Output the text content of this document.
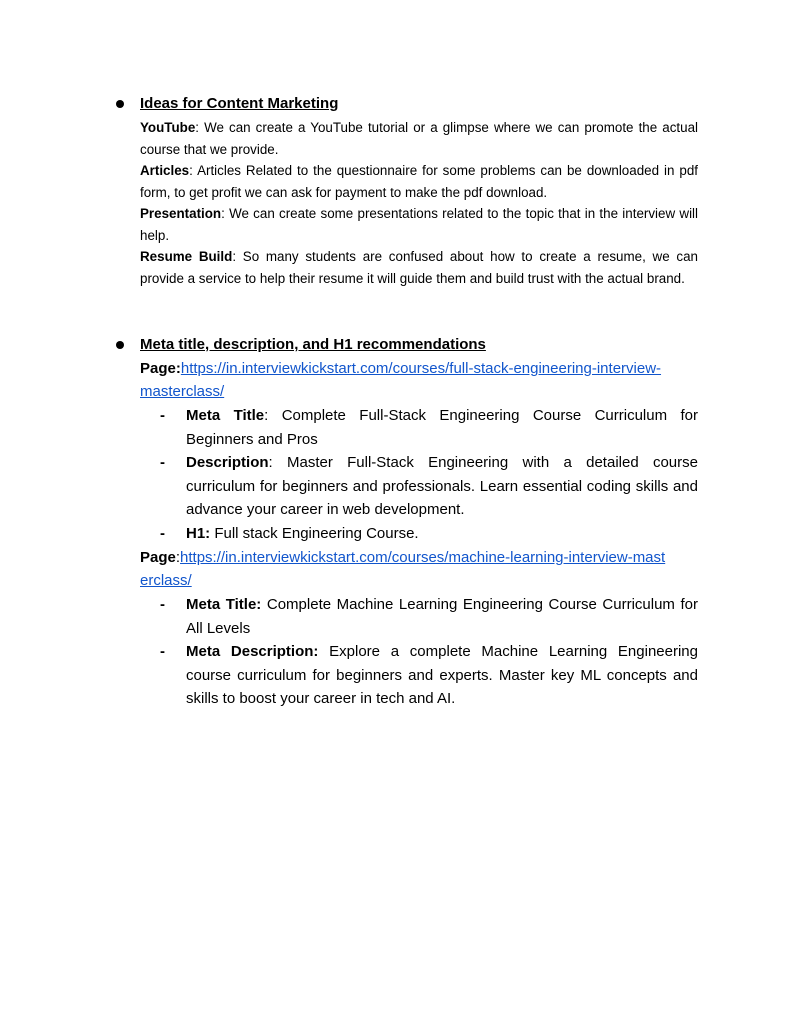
Ideas for Content Marketing
YouTube: We can create a YouTube tutorial or a glimpse where we can promote the actual course that we provide.
Articles: Articles Related to the questionnaire for some problems can be downloaded in pdf form, to get profit we can ask for payment to make the pdf download.
Presentation: We can create some presentations related to the topic that in the interview will help.
Resume Build: So many students are confused about how to create a resume, we can provide a service to help their resume it will guide them and build trust with the actual brand.
Meta title, description, and H1 recommendations
Page:https://in.interviewkickstart.com/courses/full-stack-engineering-interview-
masterclass/
- Meta Title: Complete Full-Stack Engineering Course Curriculum for Beginners and Pros
- Description: Master Full-Stack Engineering with a detailed course curriculum for beginners and professionals. Learn essential coding skills and advance your career in web development.
- H1: Full stack Engineering Course.
Page:https://in.interviewkickstart.com/courses/machine-learning-interview-mast
erclass/
- Meta Title: Complete Machine Learning Engineering Course Curriculum for All Levels
- Meta Description: Explore a complete Machine Learning Engineering course curriculum for beginners and experts. Master key ML concepts and skills to boost your career in tech and AI.
